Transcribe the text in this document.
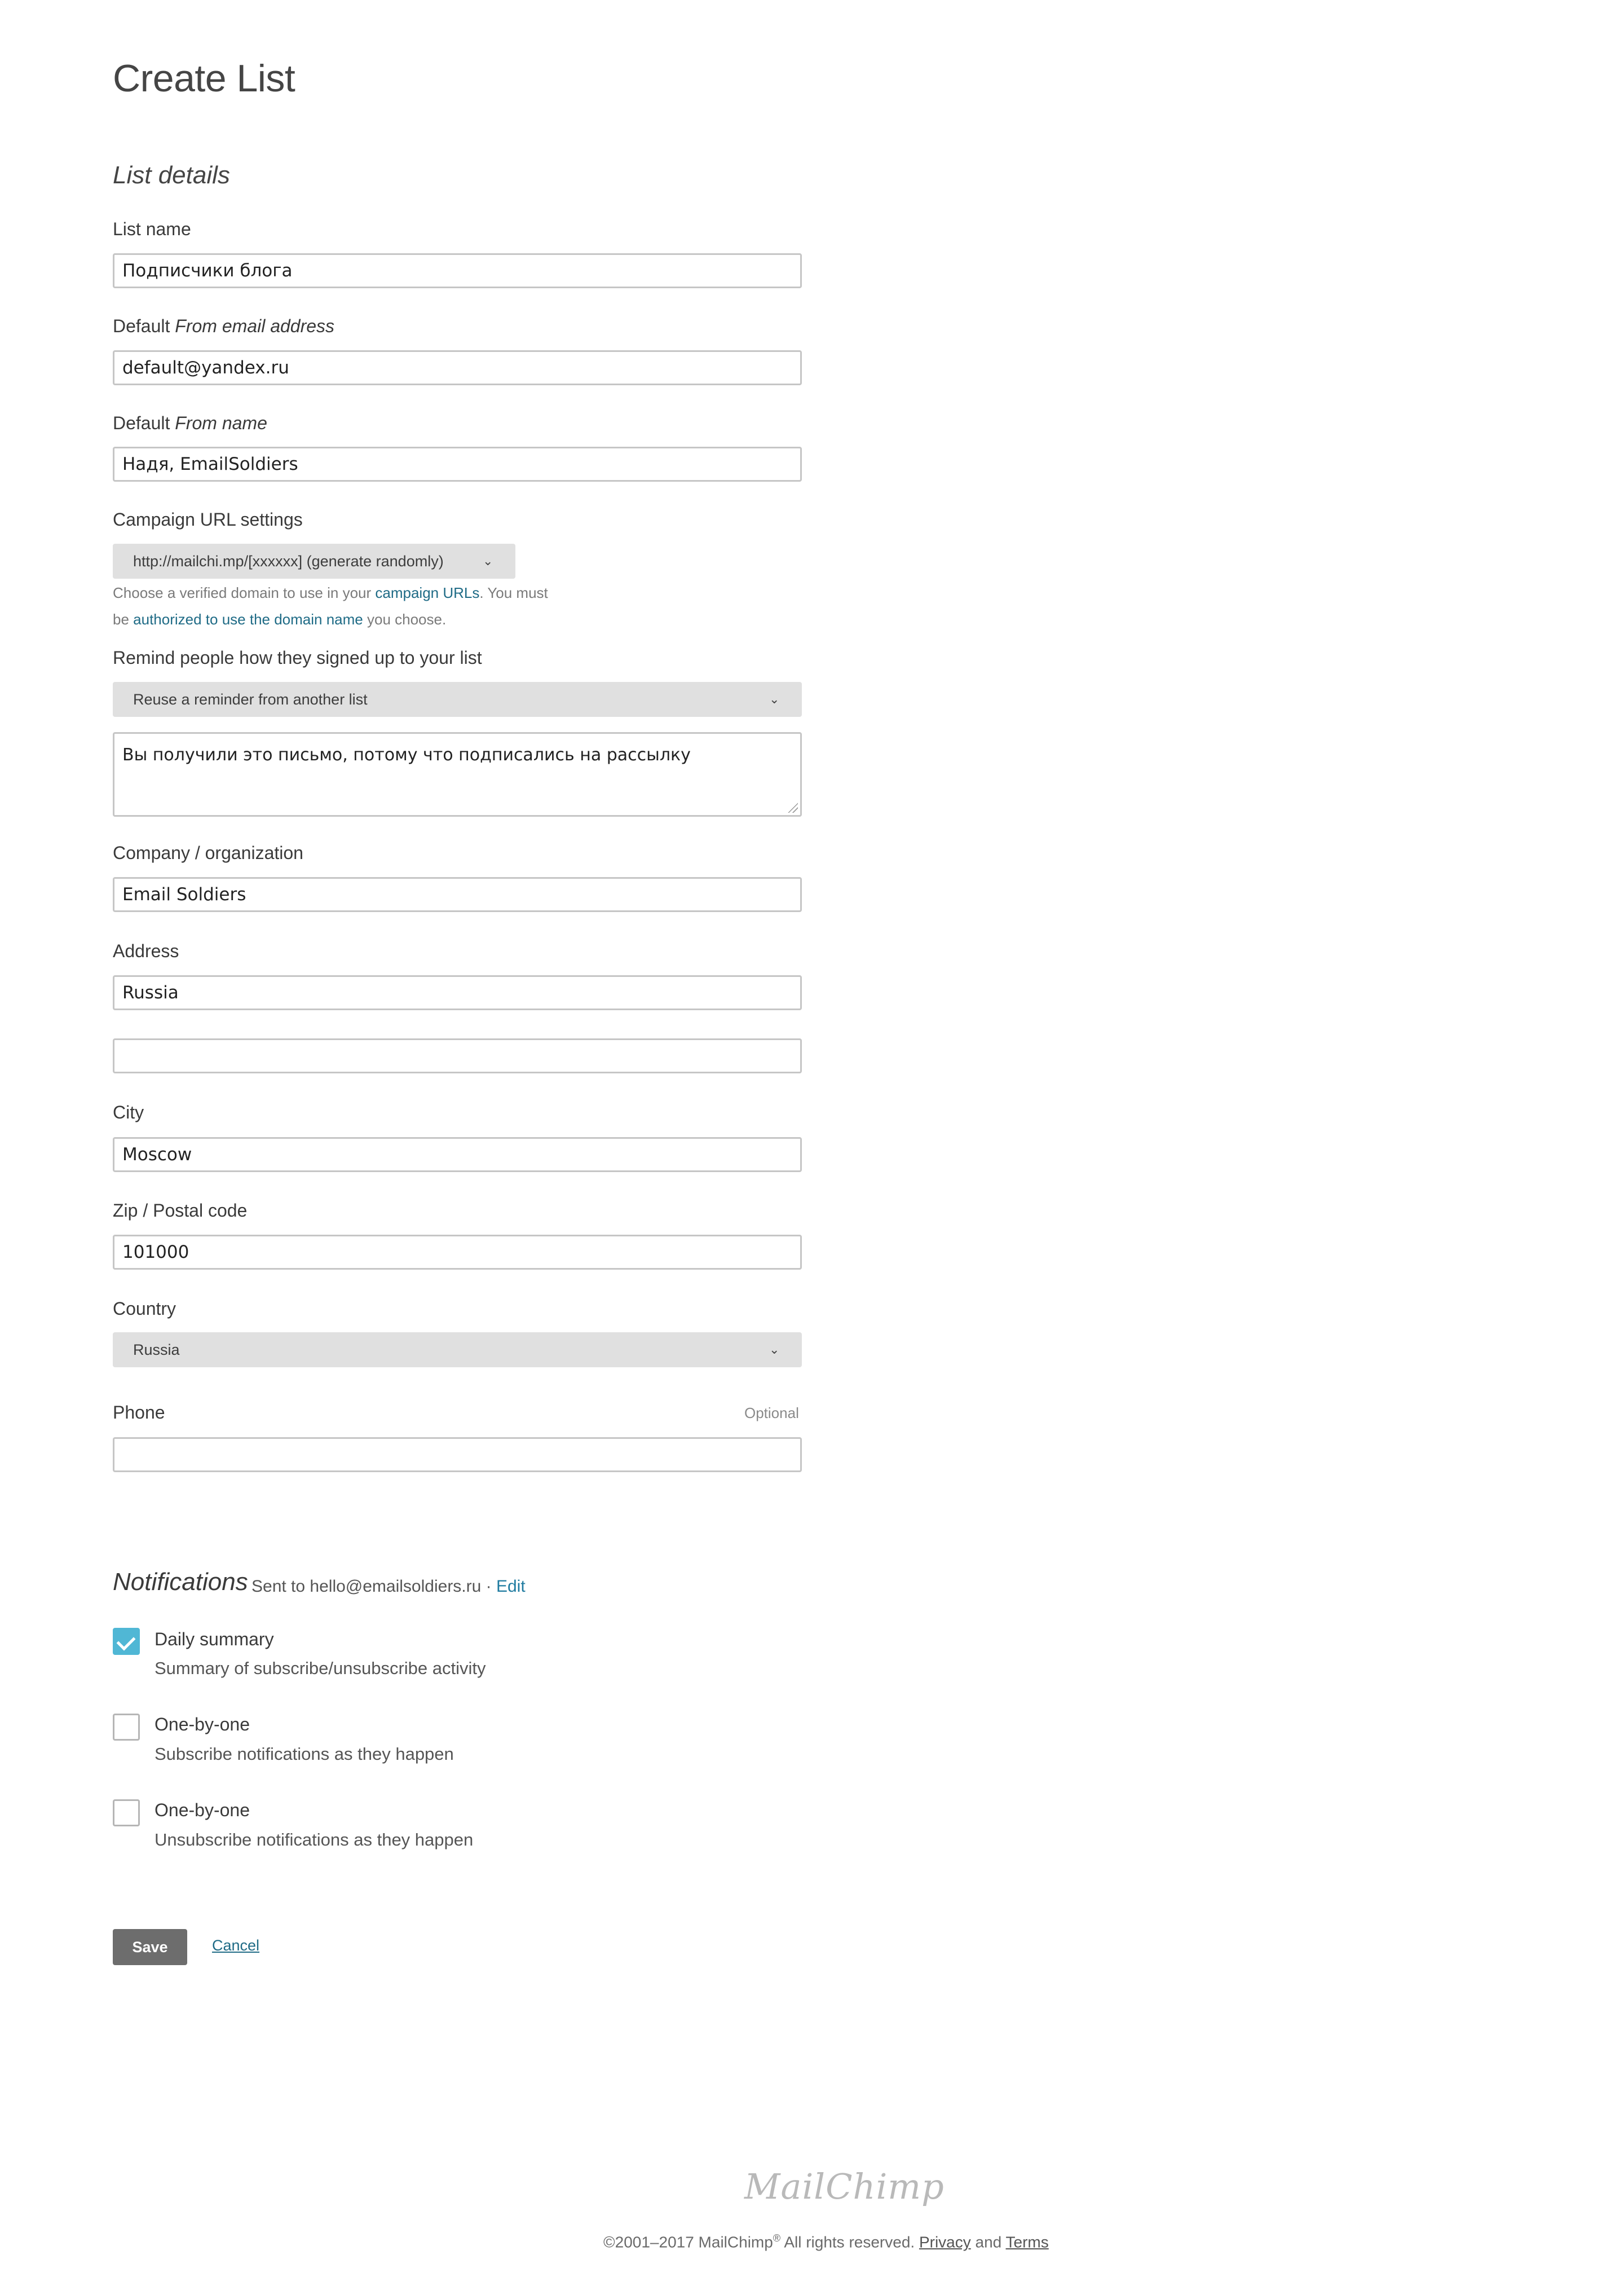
Create List
List details
List name
Подписчики блога
Default From email address
default@yandex.ru
Default From name
Надя, EmailSoldiers
Campaign URL settings
http://mailchi.mp/[xxxxxx] (generate randomly)	⌄
Choose a verified domain to use in your campaign URLs. You must be authorized to use the domain name you choose.
Remind people how they signed up to your list
Reuse a reminder from another list	⌄
Вы получили это письмо, потому что подписались на рассылку
Company / organization
Email Soldiers
Address
Russia
City
Moscow
Zip / Postal code
101000
Country
Russia	⌄
Phone	Optional
Notifications Sent to hello@emailsoldiers.ru · Edit
Daily summary
Summary of subscribe/unsubscribe activity
One-by-one
Subscribe notifications as they happen
One-by-one
Unsubscribe notifications as they happen
Save	Cancel
MailChimp
©2001–2017 MailChimp® All rights reserved. Privacy and Terms
